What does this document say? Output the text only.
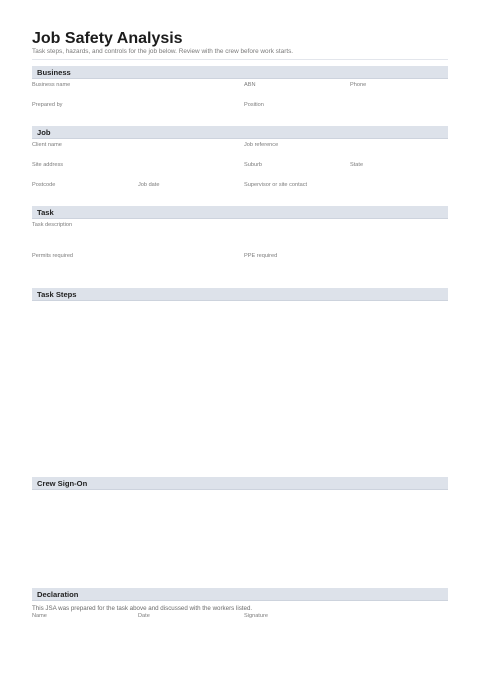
Job Safety Analysis
Task steps, hazards, and controls for the job below. Review with the crew before work starts.
Business
Business name	ABN	Phone
Prepared by	Position
Job
Client name	Job reference
Site address	Suburb	State
Postcode	Job date	Supervisor or site contact
Task
Task description
Permits required	PPE required
Task Steps
Crew Sign-On
Declaration
This JSA was prepared for the task above and discussed with the workers listed.
Name	Date	Signature
